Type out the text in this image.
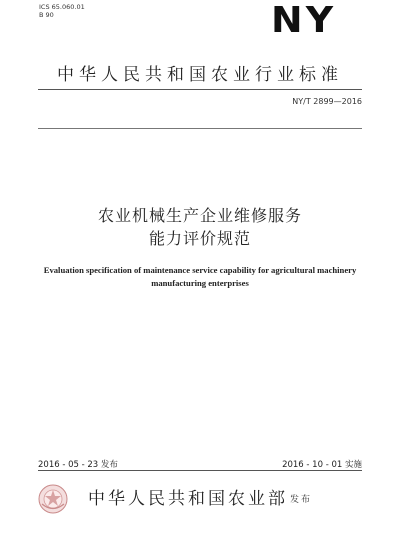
ICS 65.060.01
B 90	NY
中华人民共和国农业行业标准
NY/T 2899—2016
农业机械生产企业维修服务
能力评价规范
Evaluation specification of maintenance service capability for agricultural machinery manufacturing enterprises
2016 - 05 - 23 发布	2016 - 10 - 01 实施
中华人民共和国农业部 发布
